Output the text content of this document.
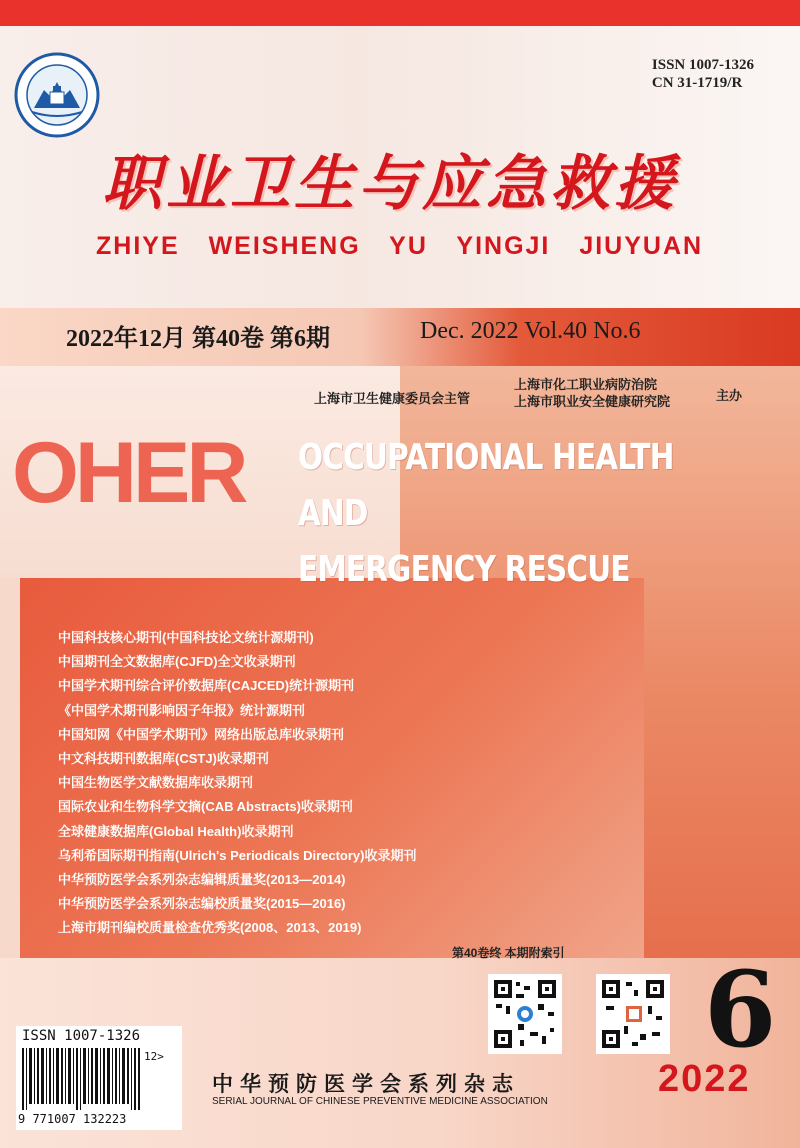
ISSN 1007-1326
CN 31-1719/R
职业卫生与应急救援
ZHIYE WEISHENG YU YINGJI JIUYUAN
2022年12月 第40卷 第6期	Dec. 2022 Vol.40 No.6
上海市卫生健康委员会主管
上海市化工职业病防治院
上海市职业安全健康研究院	主办
OHER OCCUPATIONAL HEALTH AND
EMERGENCY RESCUE
中国科技核心期刊(中国科技论文统计源期刊)
中国期刊全文数据库(CJFD)全文收录期刊
中国学术期刊综合评价数据库(CAJCED)统计源期刊
《中国学术期刊影响因子年报》统计源期刊
中国知网《中国学术期刊》网络出版总库收录期刊
中文科技期刊数据库(CSTJ)收录期刊
中国生物医学文献数据库收录期刊
国际农业和生物科学文摘(CAB Abstracts)收录期刊
全球健康数据库(Global Health)收录期刊
乌利希国际期刊指南(Ulrich's Periodicals Directory)收录期刊
中华预防医学会系列杂志编辑质量奖(2013—2014)
中华预防医学会系列杂志编校质量奖(2015—2016)
上海市期刊编校质量检查优秀奖(2008、2013、2019)
第40卷终 本期附索引 6
2022
中华预防医学会系列杂志
SERIAL JOURNAL OF CHINESE PREVENTIVE MEDICINE ASSOCIATION
ISSN 1007-1326
12>
9 771007 132223
